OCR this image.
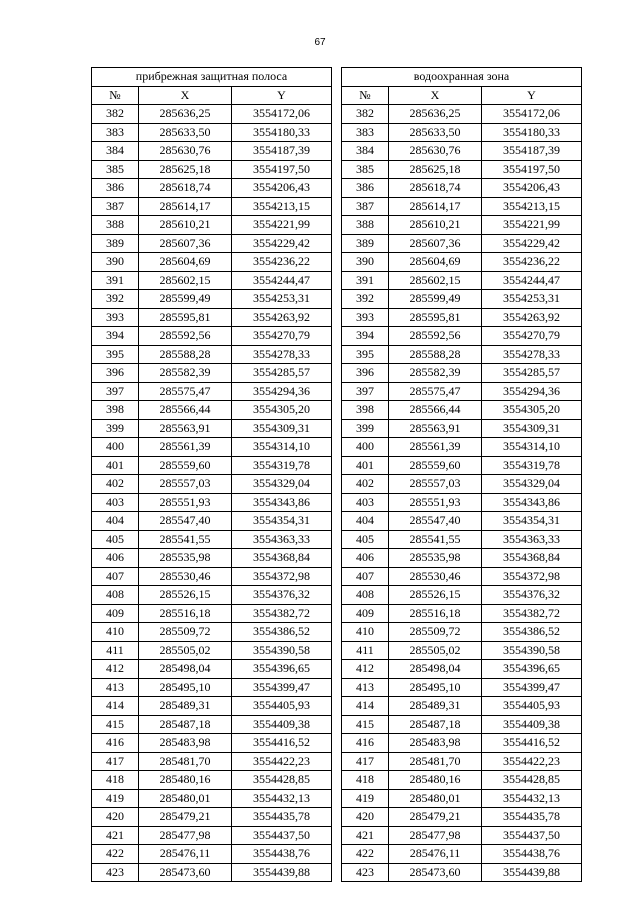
67
прибрежная защитная полоса		
№	X	Y
382	285636,25	3554172,06
383	285633,50	3554180,33
384	285630,76	3554187,39
385	285625,18	3554197,50
386	285618,74	3554206,43
387	285614,17	3554213,15
388	285610,21	3554221,99
389	285607,36	3554229,42
390	285604,69	3554236,22
391	285602,15	3554244,47
392	285599,49	3554253,31
393	285595,81	3554263,92
394	285592,56	3554270,79
395	285588,28	3554278,33
396	285582,39	3554285,57
397	285575,47	3554294,36
398	285566,44	3554305,20
399	285563,91	3554309,31
400	285561,39	3554314,10
401	285559,60	3554319,78
402	285557,03	3554329,04
403	285551,93	3554343,86
404	285547,40	3554354,31
405	285541,55	3554363,33
406	285535,98	3554368,84
407	285530,46	3554372,98
408	285526,15	3554376,32
409	285516,18	3554382,72
410	285509,72	3554386,52
411	285505,02	3554390,58
412	285498,04	3554396,65
413	285495,10	3554399,47
414	285489,31	3554405,93
415	285487,18	3554409,38
416	285483,98	3554416,52
417	285481,70	3554422,23
418	285480,16	3554428,85
419	285480,01	3554432,13
420	285479,21	3554435,78
421	285477,98	3554437,50
422	285476,11	3554438,76
423	285473,60	3554439,88
водоохранная зона		
№	X	Y
382	285636,25	3554172,06
383	285633,50	3554180,33
384	285630,76	3554187,39
385	285625,18	3554197,50
386	285618,74	3554206,43
387	285614,17	3554213,15
388	285610,21	3554221,99
389	285607,36	3554229,42
390	285604,69	3554236,22
391	285602,15	3554244,47
392	285599,49	3554253,31
393	285595,81	3554263,92
394	285592,56	3554270,79
395	285588,28	3554278,33
396	285582,39	3554285,57
397	285575,47	3554294,36
398	285566,44	3554305,20
399	285563,91	3554309,31
400	285561,39	3554314,10
401	285559,60	3554319,78
402	285557,03	3554329,04
403	285551,93	3554343,86
404	285547,40	3554354,31
405	285541,55	3554363,33
406	285535,98	3554368,84
407	285530,46	3554372,98
408	285526,15	3554376,32
409	285516,18	3554382,72
410	285509,72	3554386,52
411	285505,02	3554390,58
412	285498,04	3554396,65
413	285495,10	3554399,47
414	285489,31	3554405,93
415	285487,18	3554409,38
416	285483,98	3554416,52
417	285481,70	3554422,23
418	285480,16	3554428,85
419	285480,01	3554432,13
420	285479,21	3554435,78
421	285477,98	3554437,50
422	285476,11	3554438,76
423	285473,60	3554439,88
